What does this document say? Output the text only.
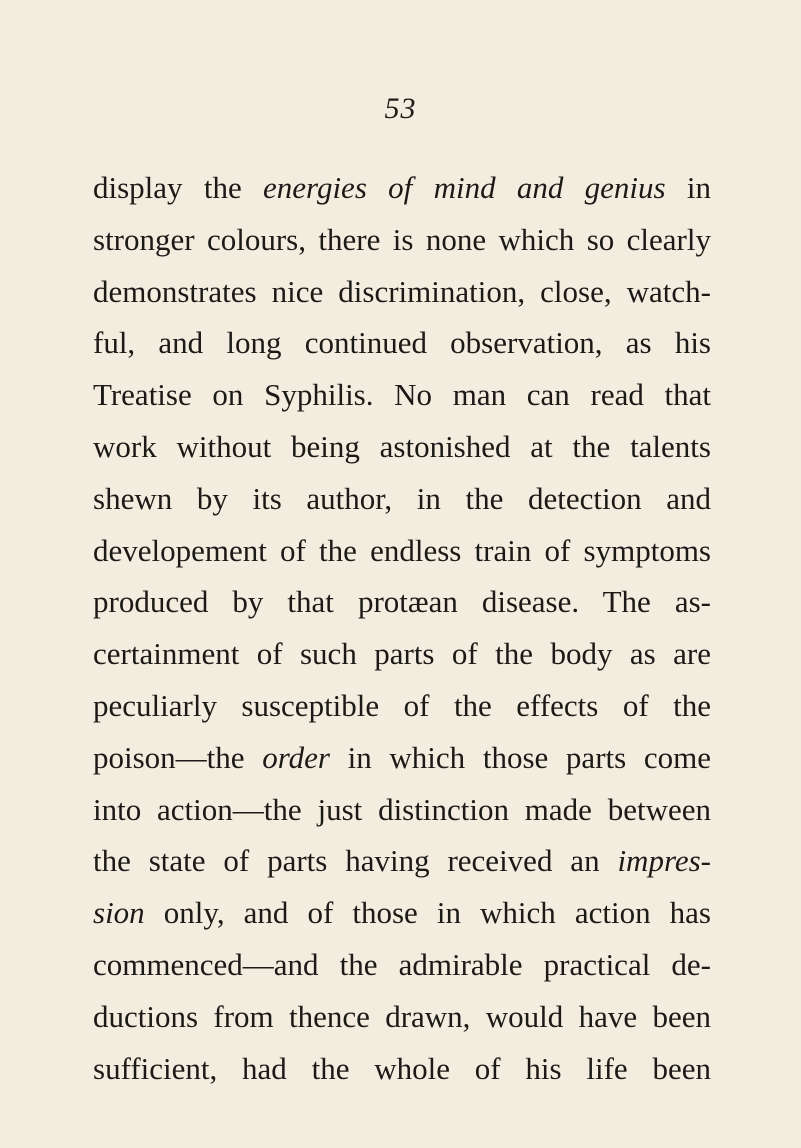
53
display the energies of mind and genius in
stronger colours, there is none which so clearly
demonstrates nice discrimination, close, watch-
ful, and long continued observation, as his
Treatise on Syphilis. No man can read that
work without being astonished at the talents
shewn by its author, in the detection and
developement of the endless train of symptoms
produced by that protæan disease. The as-
certainment of such parts of the body as are
peculiarly susceptible of the effects of the
poison—the order in which those parts come
into action—the just distinction made between
the state of parts having received an impres-
sion only, and of those in which action has
commenced—and the admirable practical de-
ductions from thence drawn, would have been
sufficient, had the whole of his life been
